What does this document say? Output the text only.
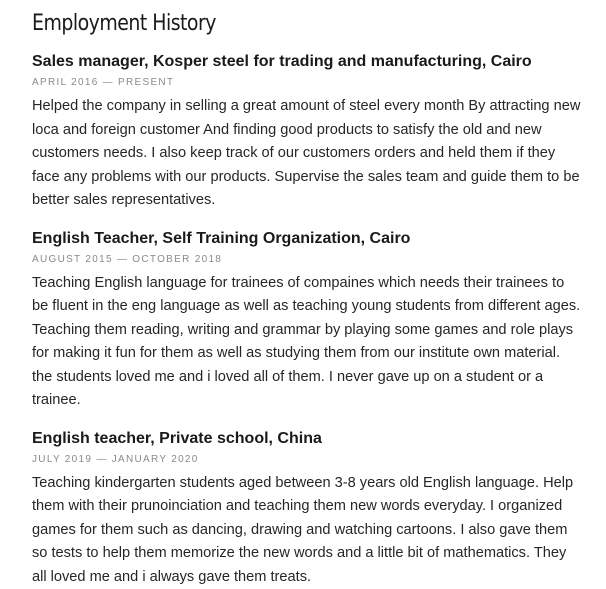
Employment History
Sales manager, Kosper steel for trading and manufacturing, Cairo
APRIL 2016 — PRESENT

Helped the company in selling a great amount of steel every month By attracting new loca and foreign customer And finding good products to satisfy the old and new customers needs. I also keep track of our customers orders and held them if they face any problems with our products. Supervise the sales team and guide them to be better sales representatives.

English Teacher, Self Training Organization, Cairo
AUGUST 2015 — OCTOBER 2018

Teaching English language for trainees of compaines which needs their trainees to be fluent in the eng language as well as teaching young students from different ages. Teaching them reading, writing and grammar by playing some games and role plays for making it fun for them as well as studying them from our institute own material. the students loved me and i loved all of them. I never gave up on a student or a trainee.

English teacher, Private school, China
JULY 2019 — JANUARY 2020

Teaching kindergarten students aged between 3-8 years old English language. Help them with their prunoinciation and teaching them new words everyday. I organized games for them such as dancing, drawing and watching cartoons. I also gave them so tests to help them memorize the new words and a little bit of mathematics. They all loved me and i always gave them treats.
